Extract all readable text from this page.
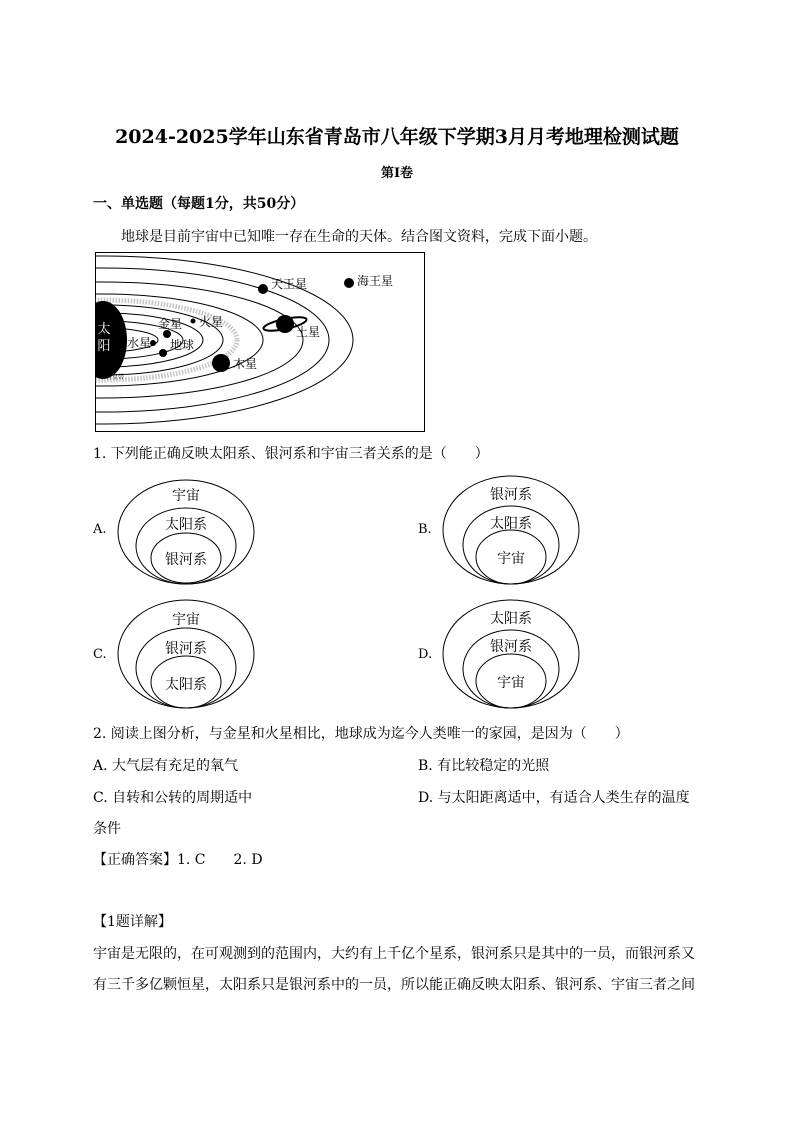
2024-2025学年山东省青岛市八年级下学期3月月考地理检测试题
第Ⅰ卷
一、单选题（每题1分，共50分）
地球是目前宇宙中已知唯一存在生命的天体。结合图文资料，完成下面小题。
太
阳 水星
金星
地球
火星
木星
土星
天王星	海王星
小行星带
1. 下列能正确反映太阳系、银河系和宇宙三者关系的是（　　）
A.
宇宙
太阳系
银河系
B.
银河系
太阳系
宇宙
C.
宇宙
银河系
太阳系
D.
太阳系
银河系
宇宙
2. 阅读上图分析，与金星和火星相比，地球成为迄今人类唯一的家园，是因为（　　）
A. 大气层有充足的氧气	B. 有比较稳定的光照
C. 自转和公转的周期适中	D. 与太阳距离适中，有适合人类生存的温度
条件
【正确答案】1. C　　2. D
【1题详解】
宇宙是无限的，在可观测到的范围内，大约有上千亿个星系，银河系只是其中的一员，而银河系又
有三千多亿颗恒星，太阳系只是银河系中的一员，所以能正确反映太阳系、银河系、宇宙三者之间
